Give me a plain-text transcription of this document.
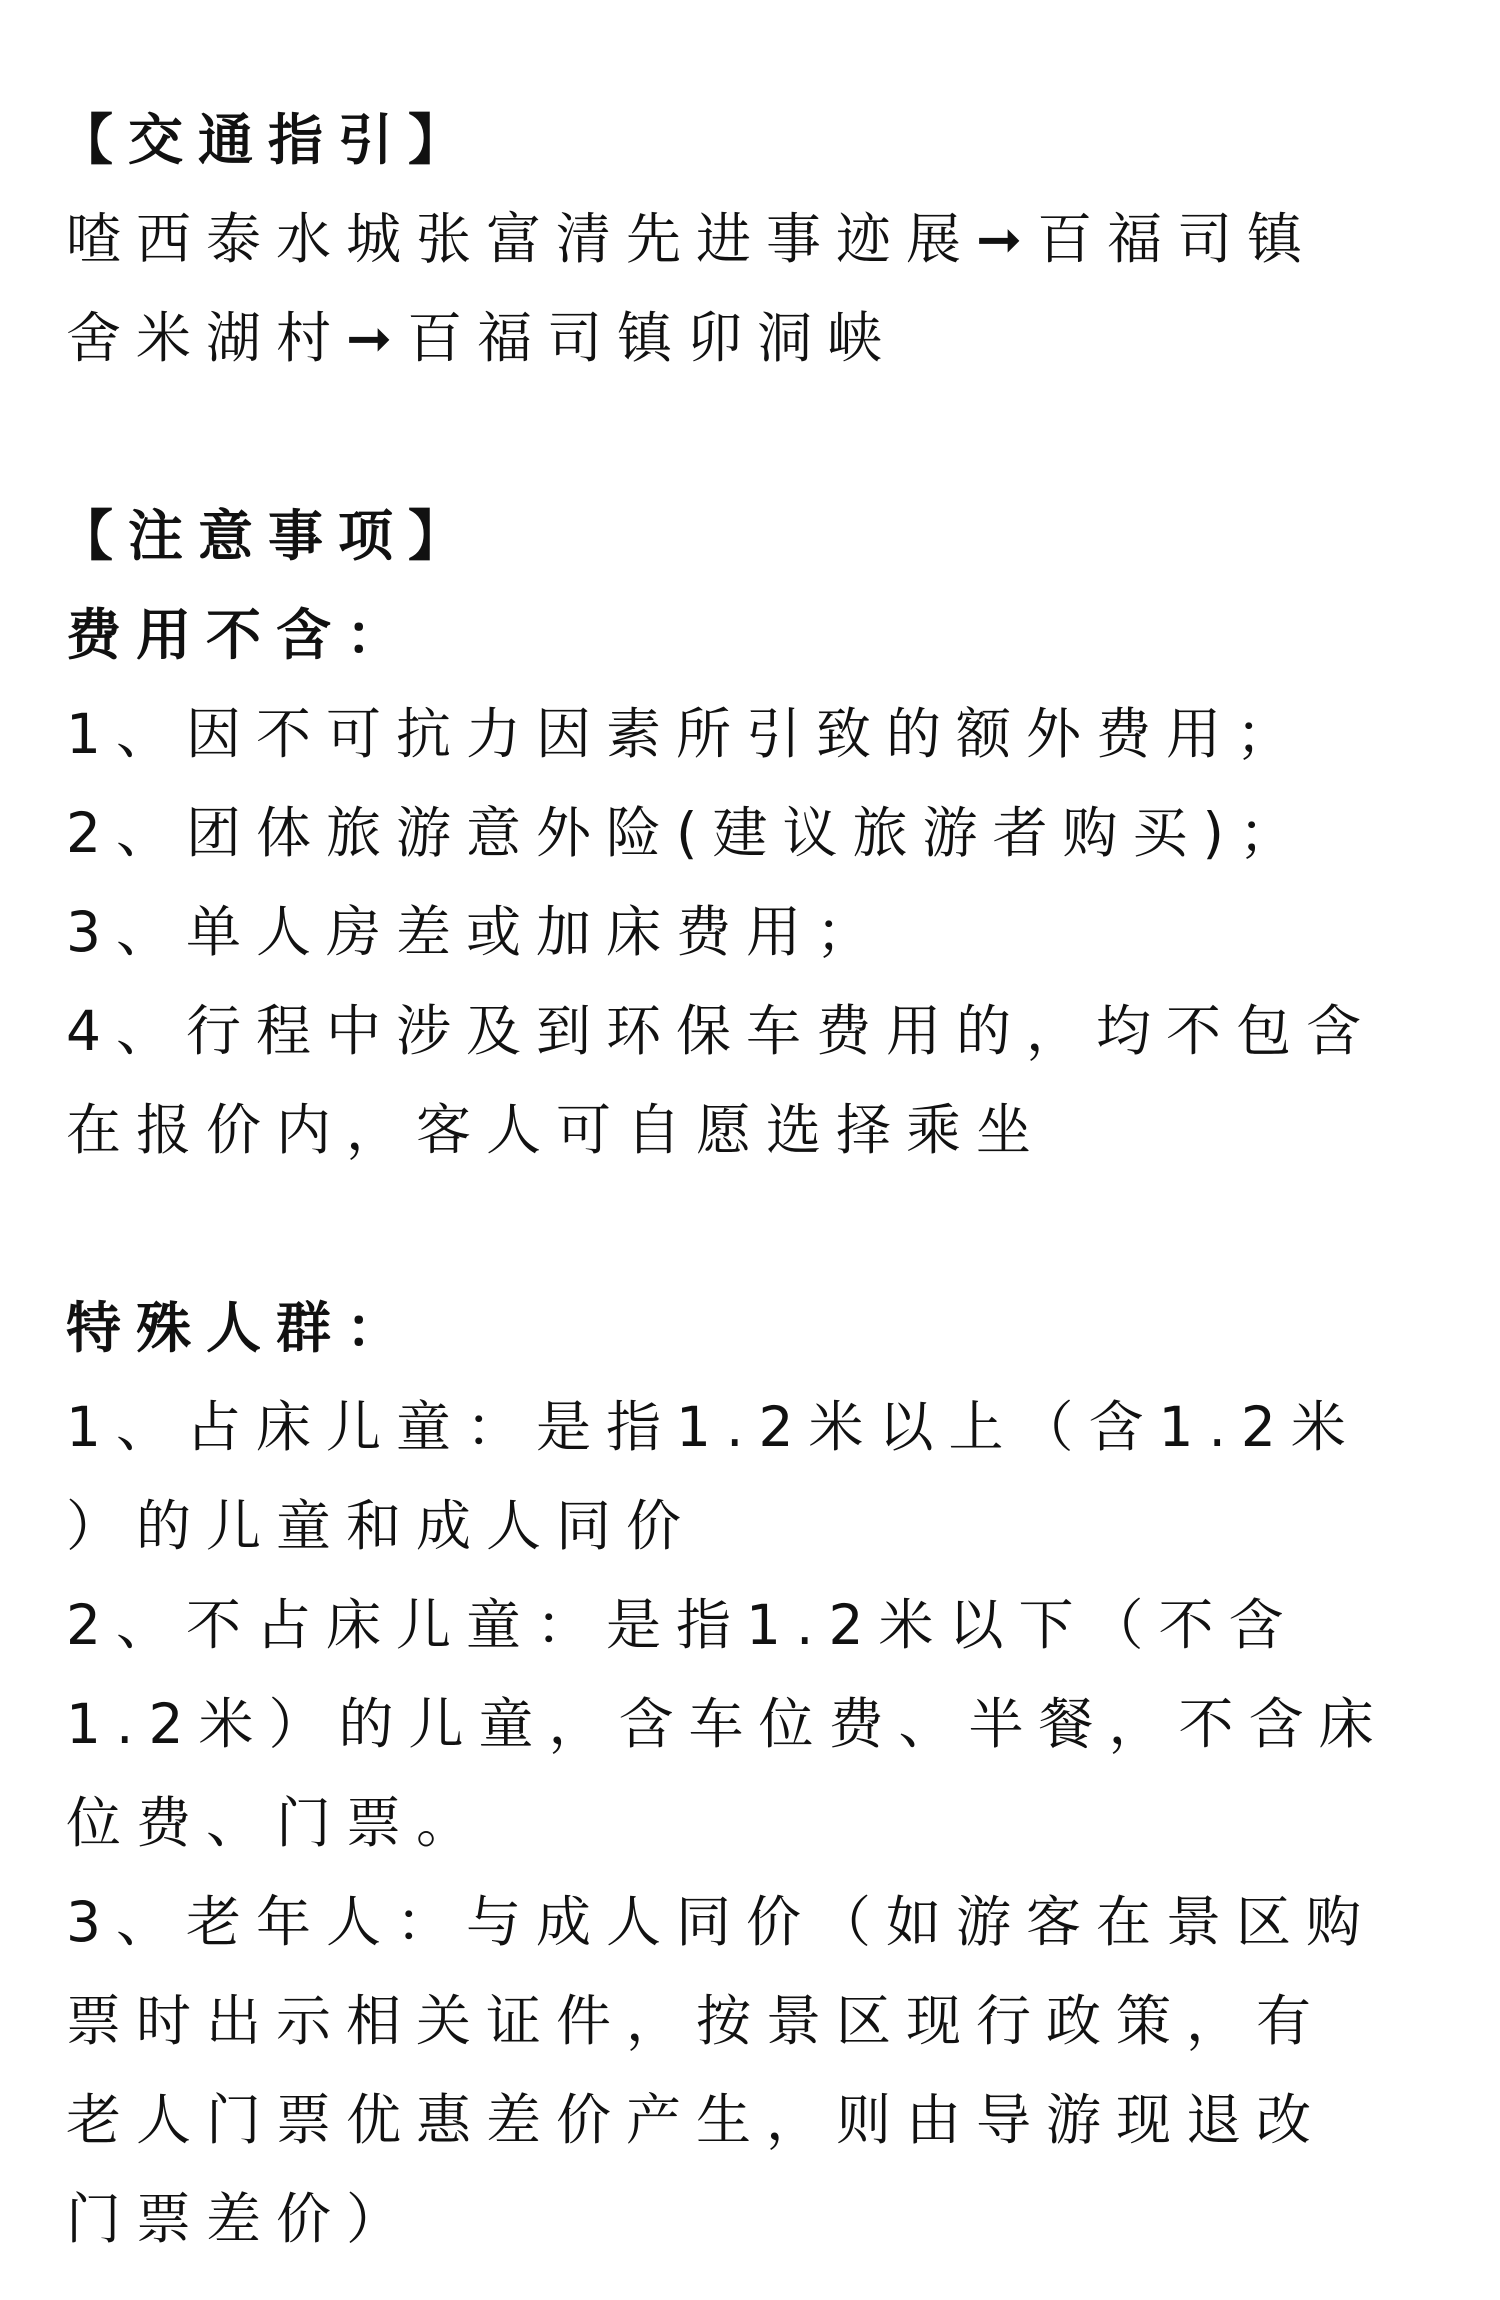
【交通指引】
喳西泰水城张富清先进事迹展➞百福司镇
舍米湖村➞百福司镇卯洞峡
【注意事项】
费用不含：
1、因不可抗力因素所引致的额外费用；
2、团体旅游意外险(建议旅游者购买)；
3、单人房差或加床费用；
4、行程中涉及到环保车费用的，均不包含
在报价内，客人可自愿选择乘坐
特殊人群：
1、占床儿童：是指1.2米以上（含1.2米
）的儿童和成人同价
2、不占床儿童：是指1.2米以下（不含
1.2米）的儿童，含车位费、半餐，不含床
位费、门票。
3、老年人：与成人同价（如游客在景区购
票时出示相关证件，按景区现行政策，有
老人门票优惠差价产生，则由导游现退改
门票差价）
